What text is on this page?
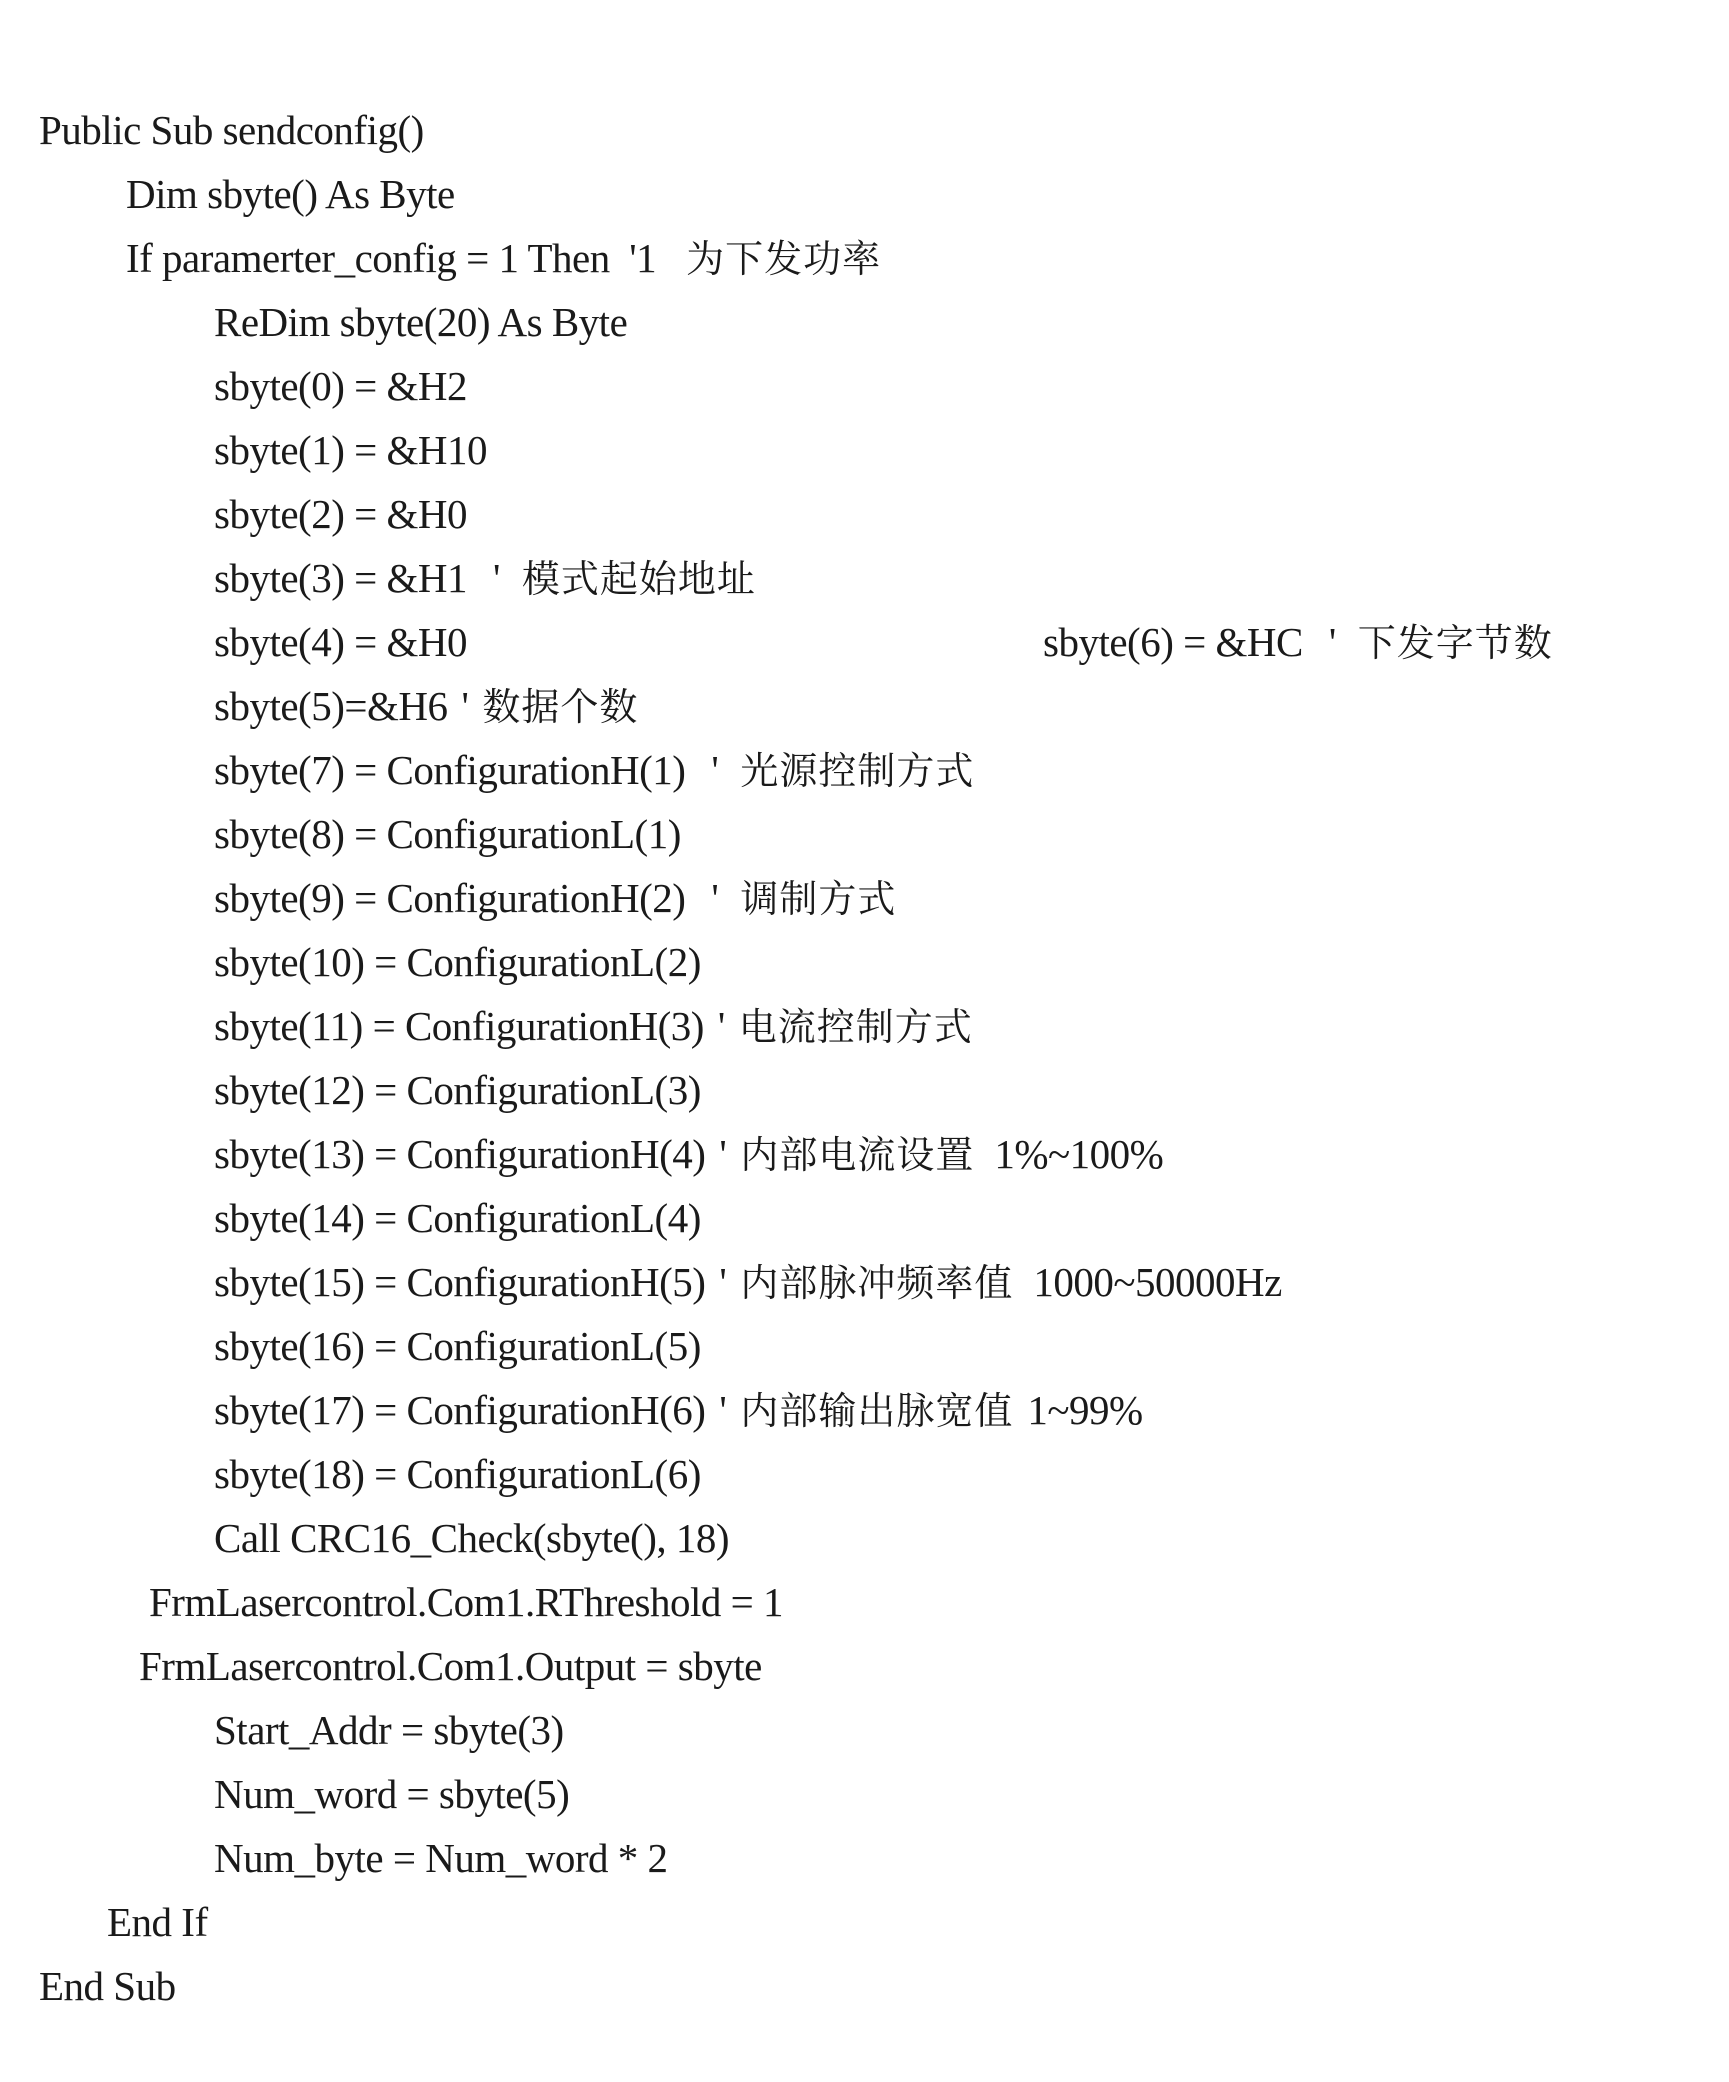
Public Sub sendconfig()

Dim sbyte() As Byte

If paramerter_config = 1 Then  '1 为下发功率

ReDim sbyte(20) As Byte

sbyte(0) = &H2

sbyte(1) = &H10

sbyte(2) = &H0

sbyte(3) = &H1 ' 模式起始地址

sbyte(4) = &H0

sbyte(5)=&H6 ' 数据个数

sbyte(6) = &HC ' 下发字节数

sbyte(7) = ConfigurationH(1) ' 光源控制方式

sbyte(8) = ConfigurationL(1)

sbyte(9) = ConfigurationH(2) ' 调制方式

sbyte(10) = ConfigurationL(2)

sbyte(11) = ConfigurationH(3) ' 电流控制方式

sbyte(12) = ConfigurationL(3)

sbyte(13) = ConfigurationH(4) ' 内部电流设置 1%~100%

sbyte(14) = ConfigurationL(4)

sbyte(15) = ConfigurationH(5) ' 内部脉冲频率值 1000~50000Hz

sbyte(16) = ConfigurationL(5)

sbyte(17) = ConfigurationH(6) ' 内部输出脉宽值 1~99%

sbyte(18) = ConfigurationL(6)

Call CRC16_Check(sbyte(), 18)

FrmLasercontrol.Com1.RThreshold = 1

FrmLasercontrol.Com1.Output = sbyte

Start_Addr = sbyte(3)

Num_word = sbyte(5)

Num_byte = Num_word * 2

End If

End Sub
